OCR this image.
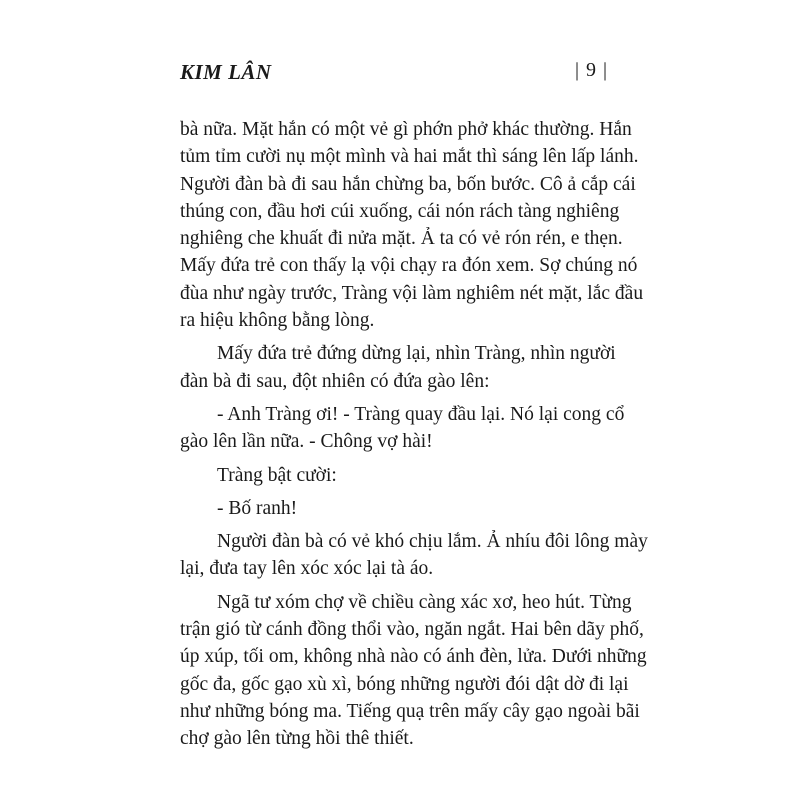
KIM LÂN	| 9 |

bà nữa. Mặt hắn có một vẻ gì phớn phở khác thường. Hắn
tủm tỉm cười nụ một mình và hai mắt thì sáng lên lấp lánh.
Người đàn bà đi sau hắn chừng ba, bốn bước. Cô ả cắp cái
thúng con, đầu hơi cúi xuống, cái nón rách tàng nghiêng
nghiêng che khuất đi nửa mặt. Ả ta có vẻ rón rén, e thẹn.
Mấy đứa trẻ con thấy lạ vội chạy ra đón xem. Sợ chúng nó
đùa như ngày trước, Tràng vội làm nghiêm nét mặt, lắc đầu
ra hiệu không bằng lòng.

Mấy đứa trẻ đứng dừng lại, nhìn Tràng, nhìn người
đàn bà đi sau, đột nhiên có đứa gào lên:

- Anh Tràng ơi! - Tràng quay đầu lại. Nó lại cong cổ
gào lên lần nữa. - Chông vợ hài!

Tràng bật cười:

- Bố ranh!

Người đàn bà có vẻ khó chịu lắm. Ả nhíu đôi lông mày
lại, đưa tay lên xóc xóc lại tà áo.

Ngã tư xóm chợ về chiều càng xác xơ, heo hút. Từng
trận gió từ cánh đồng thổi vào, ngăn ngắt. Hai bên dãy phố,
úp xúp, tối om, không nhà nào có ánh đèn, lửa. Dưới những
gốc đa, gốc gạo xù xì, bóng những người đói dật dờ đi lại
như những bóng ma. Tiếng quạ trên mấy cây gạo ngoài bãi
chợ gào lên từng hồi thê thiết.
